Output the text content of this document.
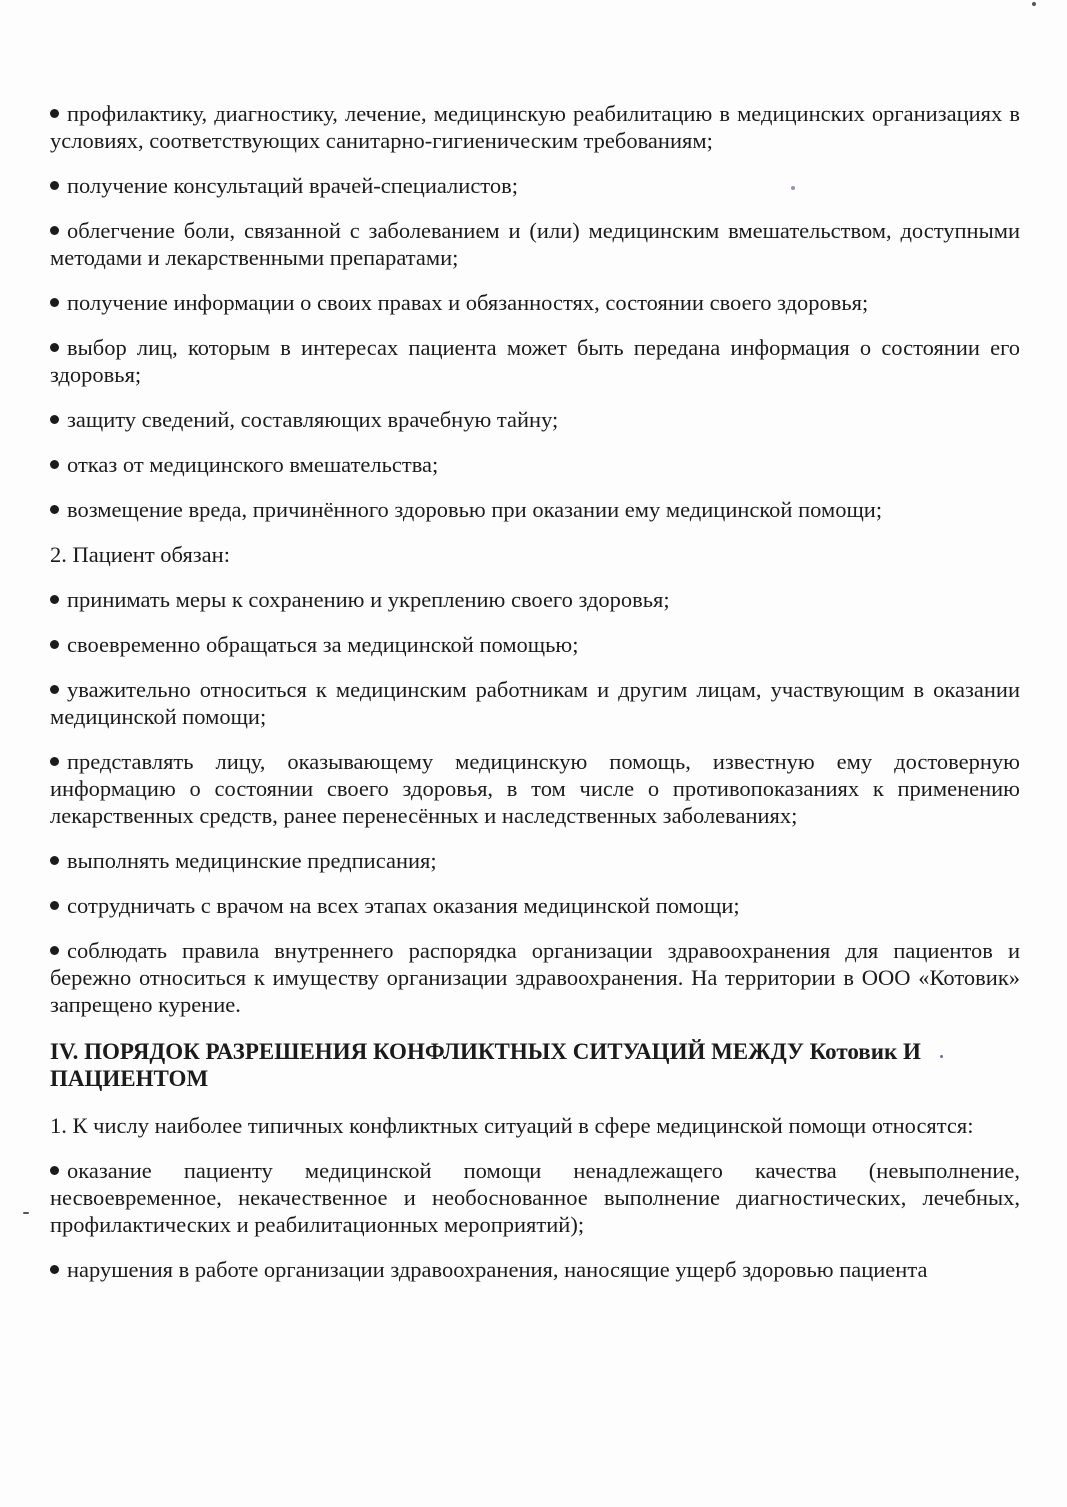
профилактику, диагностику, лечение, медицинскую реабилитацию в медицинских организациях в условиях, соответствующих санитарно-гигиеническим требованиям;

получение консультаций врачей-специалистов;

облегчение боли, связанной с заболеванием и (или) медицинским вмешательством, доступными методами и лекарственными препаратами;

получение информации о своих правах и обязанностях, состоянии своего здоровья;

выбор лиц, которым в интересах пациента может быть передана информация о состоянии его здоровья;

защиту сведений, составляющих врачебную тайну;

отказ от медицинского вмешательства;

возмещение вреда, причинённого здоровью при оказании ему медицинской помощи;

2. Пациент обязан:

принимать меры к сохранению и укреплению своего здоровья;

своевременно обращаться за медицинской помощью;

уважительно относиться к медицинским работникам и другим лицам, участвующим в оказании медицинской помощи;

представлять лицу, оказывающему медицинскую помощь, известную ему достоверную информацию о состоянии своего здоровья, в том числе о противопоказаниях к применению лекарственных средств, ранее перенесённых и наследственных заболеваниях;

выполнять медицинские предписания;

сотрудничать с врачом на всех этапах оказания медицинской помощи;

соблюдать правила внутреннего распорядка организации здравоохранения для пациентов и бережно относиться к имуществу организации здравоохранения. На территории в ООО «Котовик» запрещено курение.

IV. ПОРЯДОК РАЗРЕШЕНИЯ КОНФЛИКТНЫХ СИТУАЦИЙ МЕЖДУ Котовик И ПАЦИЕНТОМ

1. К числу наиболее типичных конфликтных ситуаций в сфере медицинской помощи относятся:

оказание пациенту медицинской помощи ненадлежащего качества (невыполнение, несвоевременное, некачественное и необоснованное выполнение диагностических, лечебных, профилактических и реабилитационных мероприятий);

нарушения в работе организации здравоохранения, наносящие ущерб здоровью пациента
